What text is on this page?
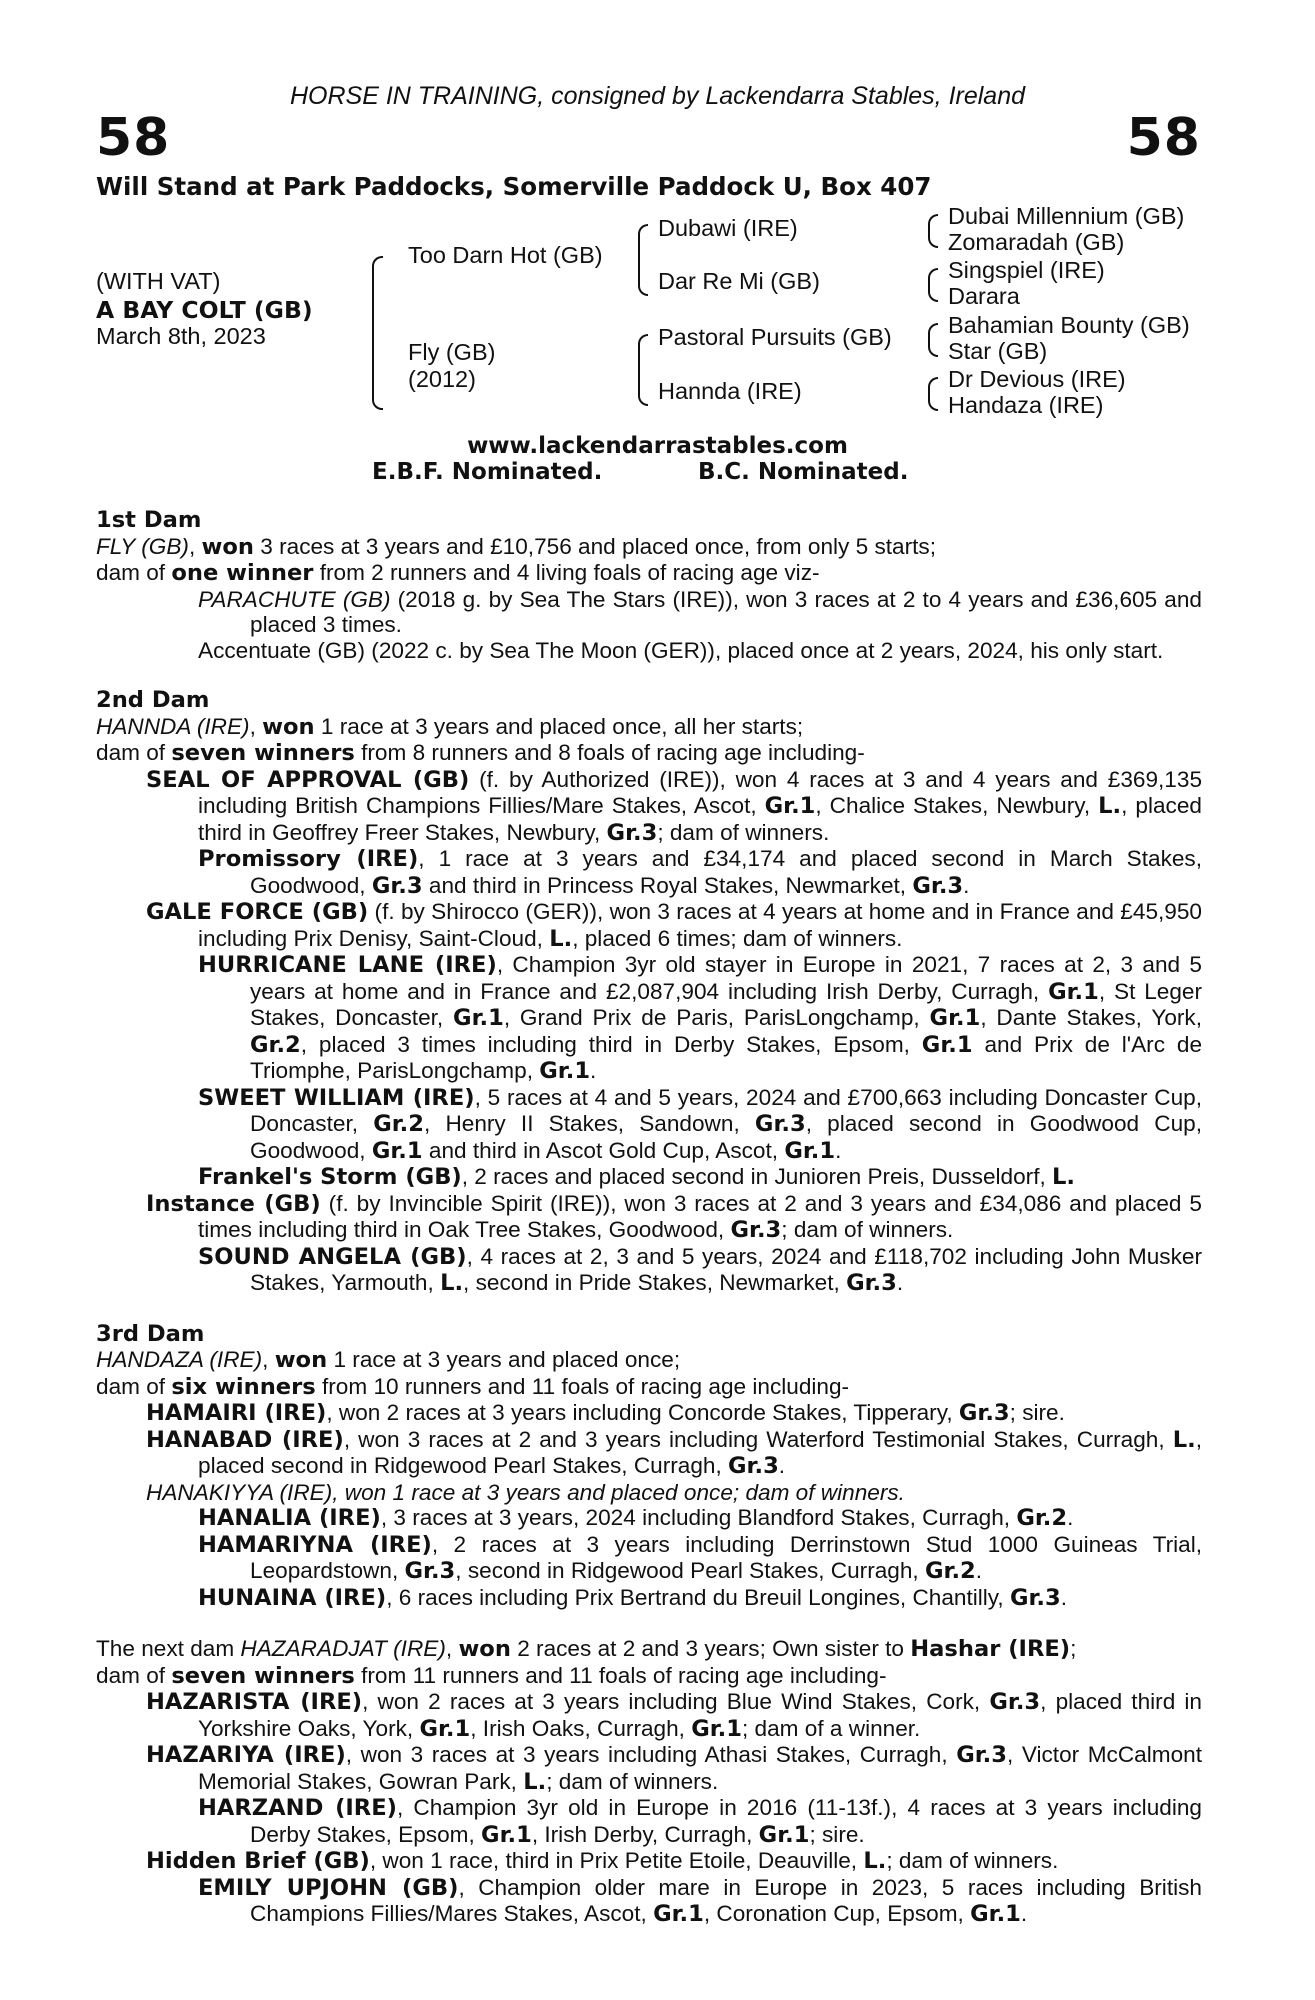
HORSE IN TRAINING, consigned by Lackendarra Stables, Ireland
58	58
Will Stand at Park Paddocks, Somerville Paddock U, Box 407
(WITH VAT)
A BAY COLT (GB)
March 8th, 2023
Too Darn Hot (GB)
Fly (GB)
(2012)
Dubawi (IRE)
Dar Re Mi (GB)
Pastoral Pursuits (GB)
Hannda (IRE)
Dubai Millennium (GB)
Zomaradah (GB)
Singspiel (IRE)
Darara
Bahamian Bounty (GB)
Star (GB)
Dr Devious (IRE)
Handaza (IRE)
www.lackendarrastables.com
E.B.F. Nominated.	B.C. Nominated.
1st Dam
FLY (GB), won 3 races at 3 years and £10,756 and placed once, from only 5 starts;
dam of one winner from 2 runners and 4 living foals of racing age viz-
PARACHUTE (GB) (2018 g. by Sea The Stars (IRE)), won 3 races at 2 to 4 years and £36,605 and placed 3 times.
Accentuate (GB) (2022 c. by Sea The Moon (GER)), placed once at 2 years, 2024, his only start.
2nd Dam
HANNDA (IRE), won 1 race at 3 years and placed once, all her starts;
dam of seven winners from 8 runners and 8 foals of racing age including-
SEAL OF APPROVAL (GB) (f. by Authorized (IRE)), won 4 races at 3 and 4 years and £369,135 including British Champions Fillies/Mare Stakes, Ascot, Gr.1, Chalice Stakes, Newbury, L., placed third in Geoffrey Freer Stakes, Newbury, Gr.3; dam of winners.
Promissory (IRE), 1 race at 3 years and £34,174 and placed second in March Stakes, Goodwood, Gr.3 and third in Princess Royal Stakes, Newmarket, Gr.3.
GALE FORCE (GB) (f. by Shirocco (GER)), won 3 races at 4 years at home and in France and £45,950 including Prix Denisy, Saint-Cloud, L., placed 6 times; dam of winners.
HURRICANE LANE (IRE), Champion 3yr old stayer in Europe in 2021, 7 races at 2, 3 and 5 years at home and in France and £2,087,904 including Irish Derby, Curragh, Gr.1, St Leger Stakes, Doncaster, Gr.1, Grand Prix de Paris, ParisLongchamp, Gr.1, Dante Stakes, York, Gr.2, placed 3 times including third in Derby Stakes, Epsom, Gr.1 and Prix de l'Arc de Triomphe, ParisLongchamp, Gr.1.
SWEET WILLIAM (IRE), 5 races at 4 and 5 years, 2024 and £700,663 including Doncaster Cup, Doncaster, Gr.2, Henry II Stakes, Sandown, Gr.3, placed second in Goodwood Cup, Goodwood, Gr.1 and third in Ascot Gold Cup, Ascot, Gr.1.
Frankel's Storm (GB), 2 races and placed second in Junioren Preis, Dusseldorf, L.
Instance (GB) (f. by Invincible Spirit (IRE)), won 3 races at 2 and 3 years and £34,086 and placed 5 times including third in Oak Tree Stakes, Goodwood, Gr.3; dam of winners.
SOUND ANGELA (GB), 4 races at 2, 3 and 5 years, 2024 and £118,702 including John Musker Stakes, Yarmouth, L., second in Pride Stakes, Newmarket, Gr.3.
3rd Dam
HANDAZA (IRE), won 1 race at 3 years and placed once;
dam of six winners from 10 runners and 11 foals of racing age including-
HAMAIRI (IRE), won 2 races at 3 years including Concorde Stakes, Tipperary, Gr.3; sire.
HANABAD (IRE), won 3 races at 2 and 3 years including Waterford Testimonial Stakes, Curragh, L., placed second in Ridgewood Pearl Stakes, Curragh, Gr.3.
HANAKIYYA (IRE), won 1 race at 3 years and placed once; dam of winners.
HANALIA (IRE), 3 races at 3 years, 2024 including Blandford Stakes, Curragh, Gr.2.
HAMARIYNA (IRE), 2 races at 3 years including Derrinstown Stud 1000 Guineas Trial, Leopardstown, Gr.3, second in Ridgewood Pearl Stakes, Curragh, Gr.2.
HUNAINA (IRE), 6 races including Prix Bertrand du Breuil Longines, Chantilly, Gr.3.
The next dam HAZARADJAT (IRE), won 2 races at 2 and 3 years; Own sister to Hashar (IRE);
dam of seven winners from 11 runners and 11 foals of racing age including-
HAZARISTA (IRE), won 2 races at 3 years including Blue Wind Stakes, Cork, Gr.3, placed third in Yorkshire Oaks, York, Gr.1, Irish Oaks, Curragh, Gr.1; dam of a winner.
HAZARIYA (IRE), won 3 races at 3 years including Athasi Stakes, Curragh, Gr.3, Victor McCalmont Memorial Stakes, Gowran Park, L.; dam of winners.
HARZAND (IRE), Champion 3yr old in Europe in 2016 (11-13f.), 4 races at 3 years including Derby Stakes, Epsom, Gr.1, Irish Derby, Curragh, Gr.1; sire.
Hidden Brief (GB), won 1 race, third in Prix Petite Etoile, Deauville, L.; dam of winners.
EMILY UPJOHN (GB), Champion older mare in Europe in 2023, 5 races including British Champions Fillies/Mares Stakes, Ascot, Gr.1, Coronation Cup, Epsom, Gr.1.
